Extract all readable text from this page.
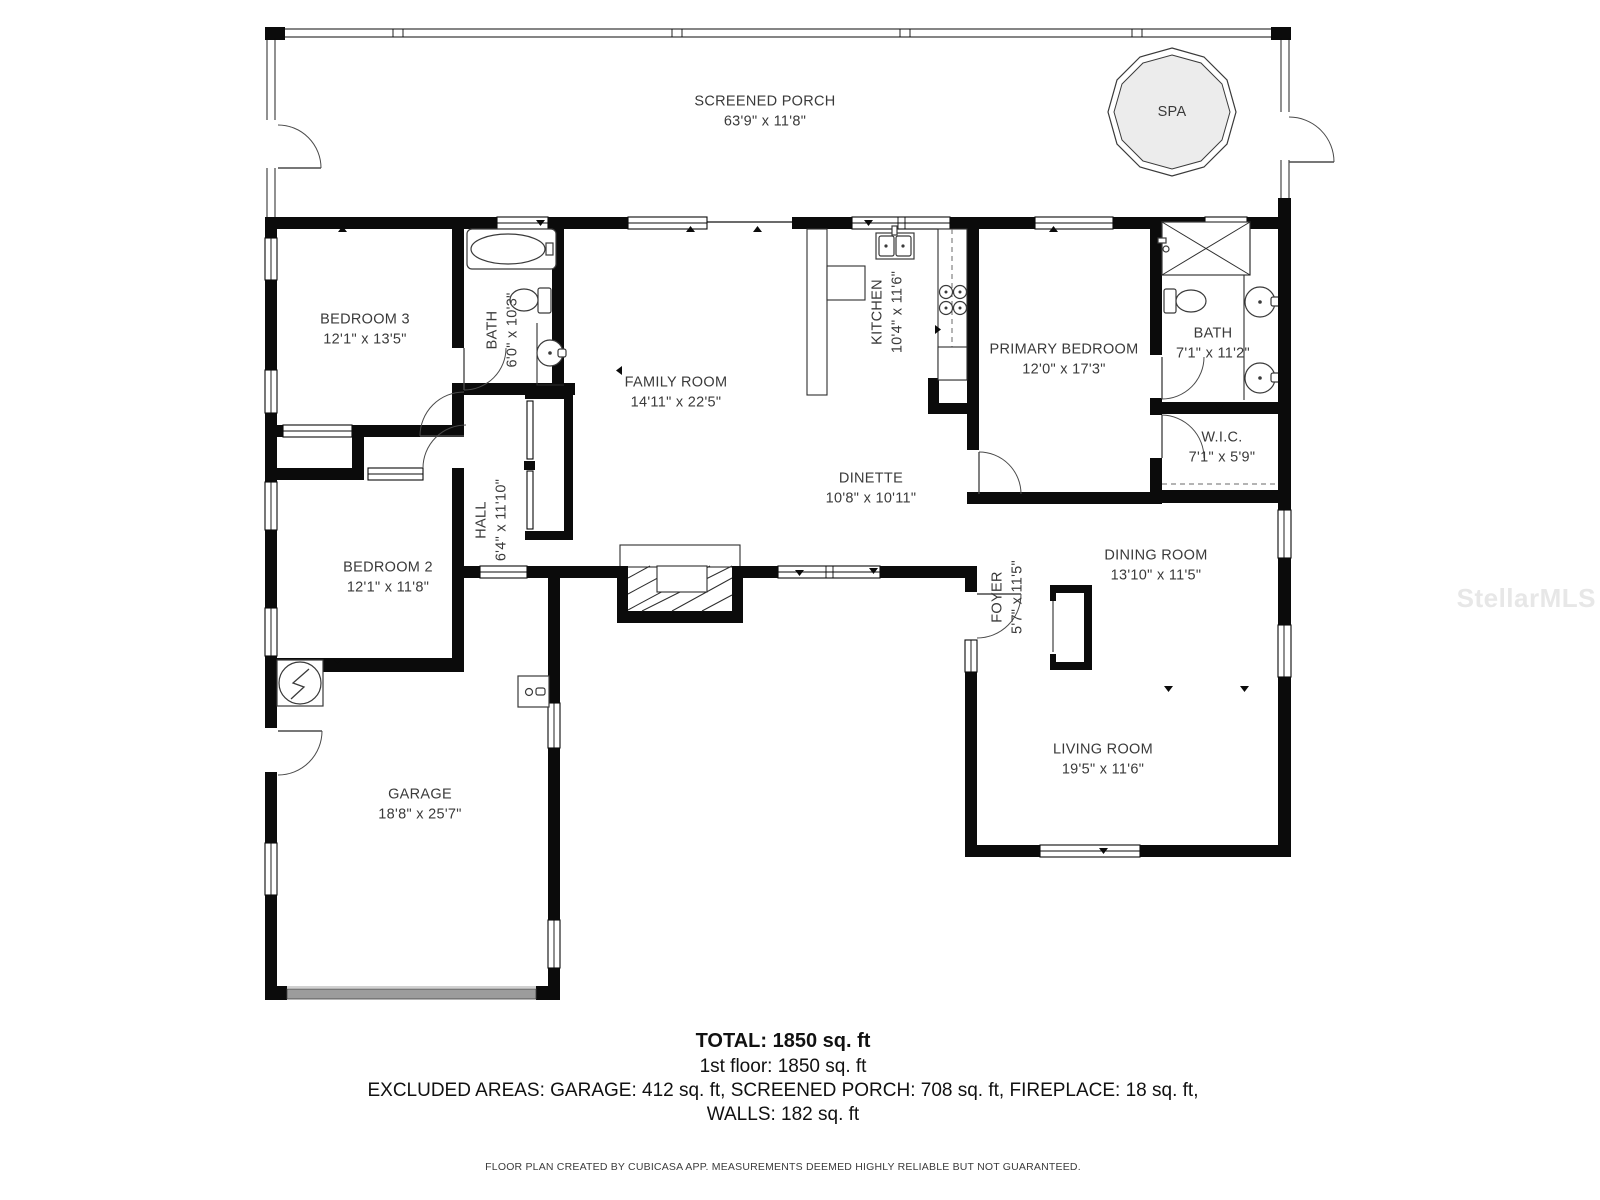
SCREENED PORCH
63'9" x 11'8"
SPA
BEDROOM 3
12'1" x 13'5"	BATH 6'0" x 10'3"
FAMILY ROOM
14'11" x 22'5"
KITCHEN 10'4" x 11'6"	PRIMARY BEDROOM
12'0" x 17'3"
BATH
7'1" x 11'2"
W.I.C.
7'1" x 5'9"
HALL 6'4" x 11'10"
DINETTE
10'8" x 10'11"
BEDROOM 2
12'1" x 11'8"	FOYER 5'7" x 11'5"
DINING ROOM
13'10" x 11'5"
LIVING ROOM
19'5" x 11'6"
GARAGE
18'8" x 25'7"
TOTAL: 1850 sq. ft
1st floor: 1850 sq. ft
EXCLUDED AREAS: GARAGE: 412 sq. ft, SCREENED PORCH: 708 sq. ft, FIREPLACE: 18 sq. ft,
WALLS: 182 sq. ft
FLOOR PLAN CREATED BY CUBICASA APP. MEASUREMENTS DEEMED HIGHLY RELIABLE BUT NOT GUARANTEED.
StellarMLS
